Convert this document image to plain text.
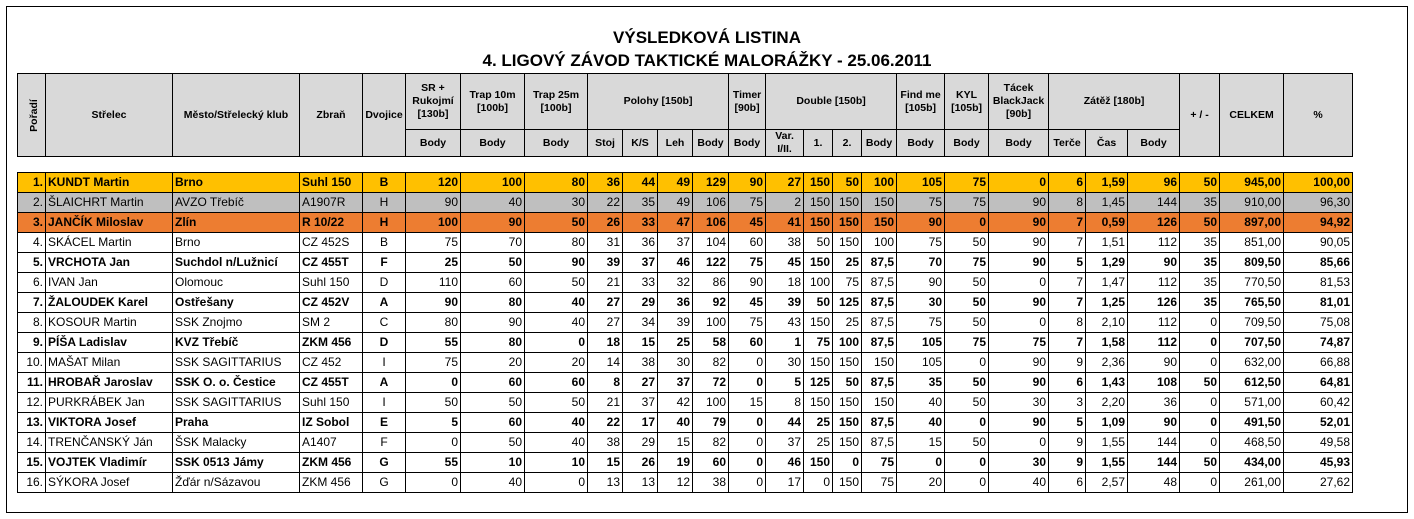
VÝSLEDKOVÁ LISTINA
4. LIGOVÝ ZÁVOD TAKTICKÉ MALORÁŽKY - 25.06.2011
Pořadí	Střelec	Město/Střelecký klub	Zbraň	Dvojice	SR + Rukojmí [130b]	Trap 10m [100b]	Trap 25m [100b]	Polohy [150b]				Timer [90b]	Double [150b]				Find me [105b]	KYL [105b]	Tácek BlackJack [90b]	Zátěž [180b]			+ / -	CELKEM	%
					Body	Body	Body	Stoj	K/S	Leh	Body	Body	Var. I/II.	1.	2.	Body	Body	Body	Body	Terče	Čas	Body			
1.	KUNDT Martin	Brno	Suhl 150	B	120	100	80	36	44	49	129	90	27	150	50	100	105	75	0	6	1,59	96	50	945,00	100,00
2.	ŠLAICHRT Martin	AVZO Třebíč	A1907R	H	90	40	30	22	35	49	106	75	2	150	150	150	75	75	90	8	1,45	144	35	910,00	96,30
3.	JANČÍK Miloslav	Zlín	R 10/22	H	100	90	50	26	33	47	106	45	41	150	150	150	90	0	90	7	0,59	126	50	897,00	94,92
4.	SKÁCEL Martin	Brno	CZ 452S	B	75	70	80	31	36	37	104	60	38	50	150	100	75	50	90	7	1,51	112	35	851,00	90,05
5.	VRCHOTA Jan	Suchdol n/Lužnicí	CZ 455T	F	25	50	90	39	37	46	122	75	45	150	25	87,5	70	75	90	5	1,29	90	35	809,50	85,66
6.	IVAN Jan	Olomouc	Suhl 150	D	110	60	50	21	33	32	86	90	18	100	75	87,5	90	50	0	7	1,47	112	35	770,50	81,53
7.	ŽALOUDEK Karel	Ostřešany	CZ 452V	A	90	80	40	27	29	36	92	45	39	50	125	87,5	30	50	90	7	1,25	126	35	765,50	81,01
8.	KOSOUR Martin	SSK Znojmo	SM 2	C	80	90	40	27	34	39	100	75	43	150	25	87,5	75	50	0	8	2,10	112	0	709,50	75,08
9.	PÍŠA Ladislav	KVZ Třebíč	ZKM 456	D	55	80	0	18	15	25	58	60	1	75	100	87,5	105	75	75	7	1,58	112	0	707,50	74,87
10.	MAŠAT Milan	SSK SAGITTARIUS	CZ 452	I	75	20	20	14	38	30	82	0	30	150	150	150	105	0	90	9	2,36	90	0	632,00	66,88
11.	HROBAŘ Jaroslav	SSK O. o. Čestice	CZ 455T	A	0	60	60	8	27	37	72	0	5	125	50	87,5	35	50	90	6	1,43	108	50	612,50	64,81
12.	PURKRÁBEK Jan	SSK SAGITTARIUS	Suhl 150	I	50	50	50	21	37	42	100	15	8	150	150	150	40	50	30	3	2,20	36	0	571,00	60,42
13.	VIKTORA Josef	Praha	IZ Sobol	E	5	60	40	22	17	40	79	0	44	25	150	87,5	40	0	90	5	1,09	90	0	491,50	52,01
14.	TRENČANSKÝ Ján	ŠSK Malacky	A1407	F	0	50	40	38	29	15	82	0	37	25	150	87,5	15	50	0	9	1,55	144	0	468,50	49,58
15.	VOJTEK Vladimír	SSK 0513 Jámy	ZKM 456	G	55	10	10	15	26	19	60	0	46	150	0	75	0	0	30	9	1,55	144	50	434,00	45,93
16.	SÝKORA Josef	Žďár n/Sázavou	ZKM 456	G	0	40	0	13	13	12	38	0	17	0	150	75	20	0	40	6	2,57	48	0	261,00	27,62
